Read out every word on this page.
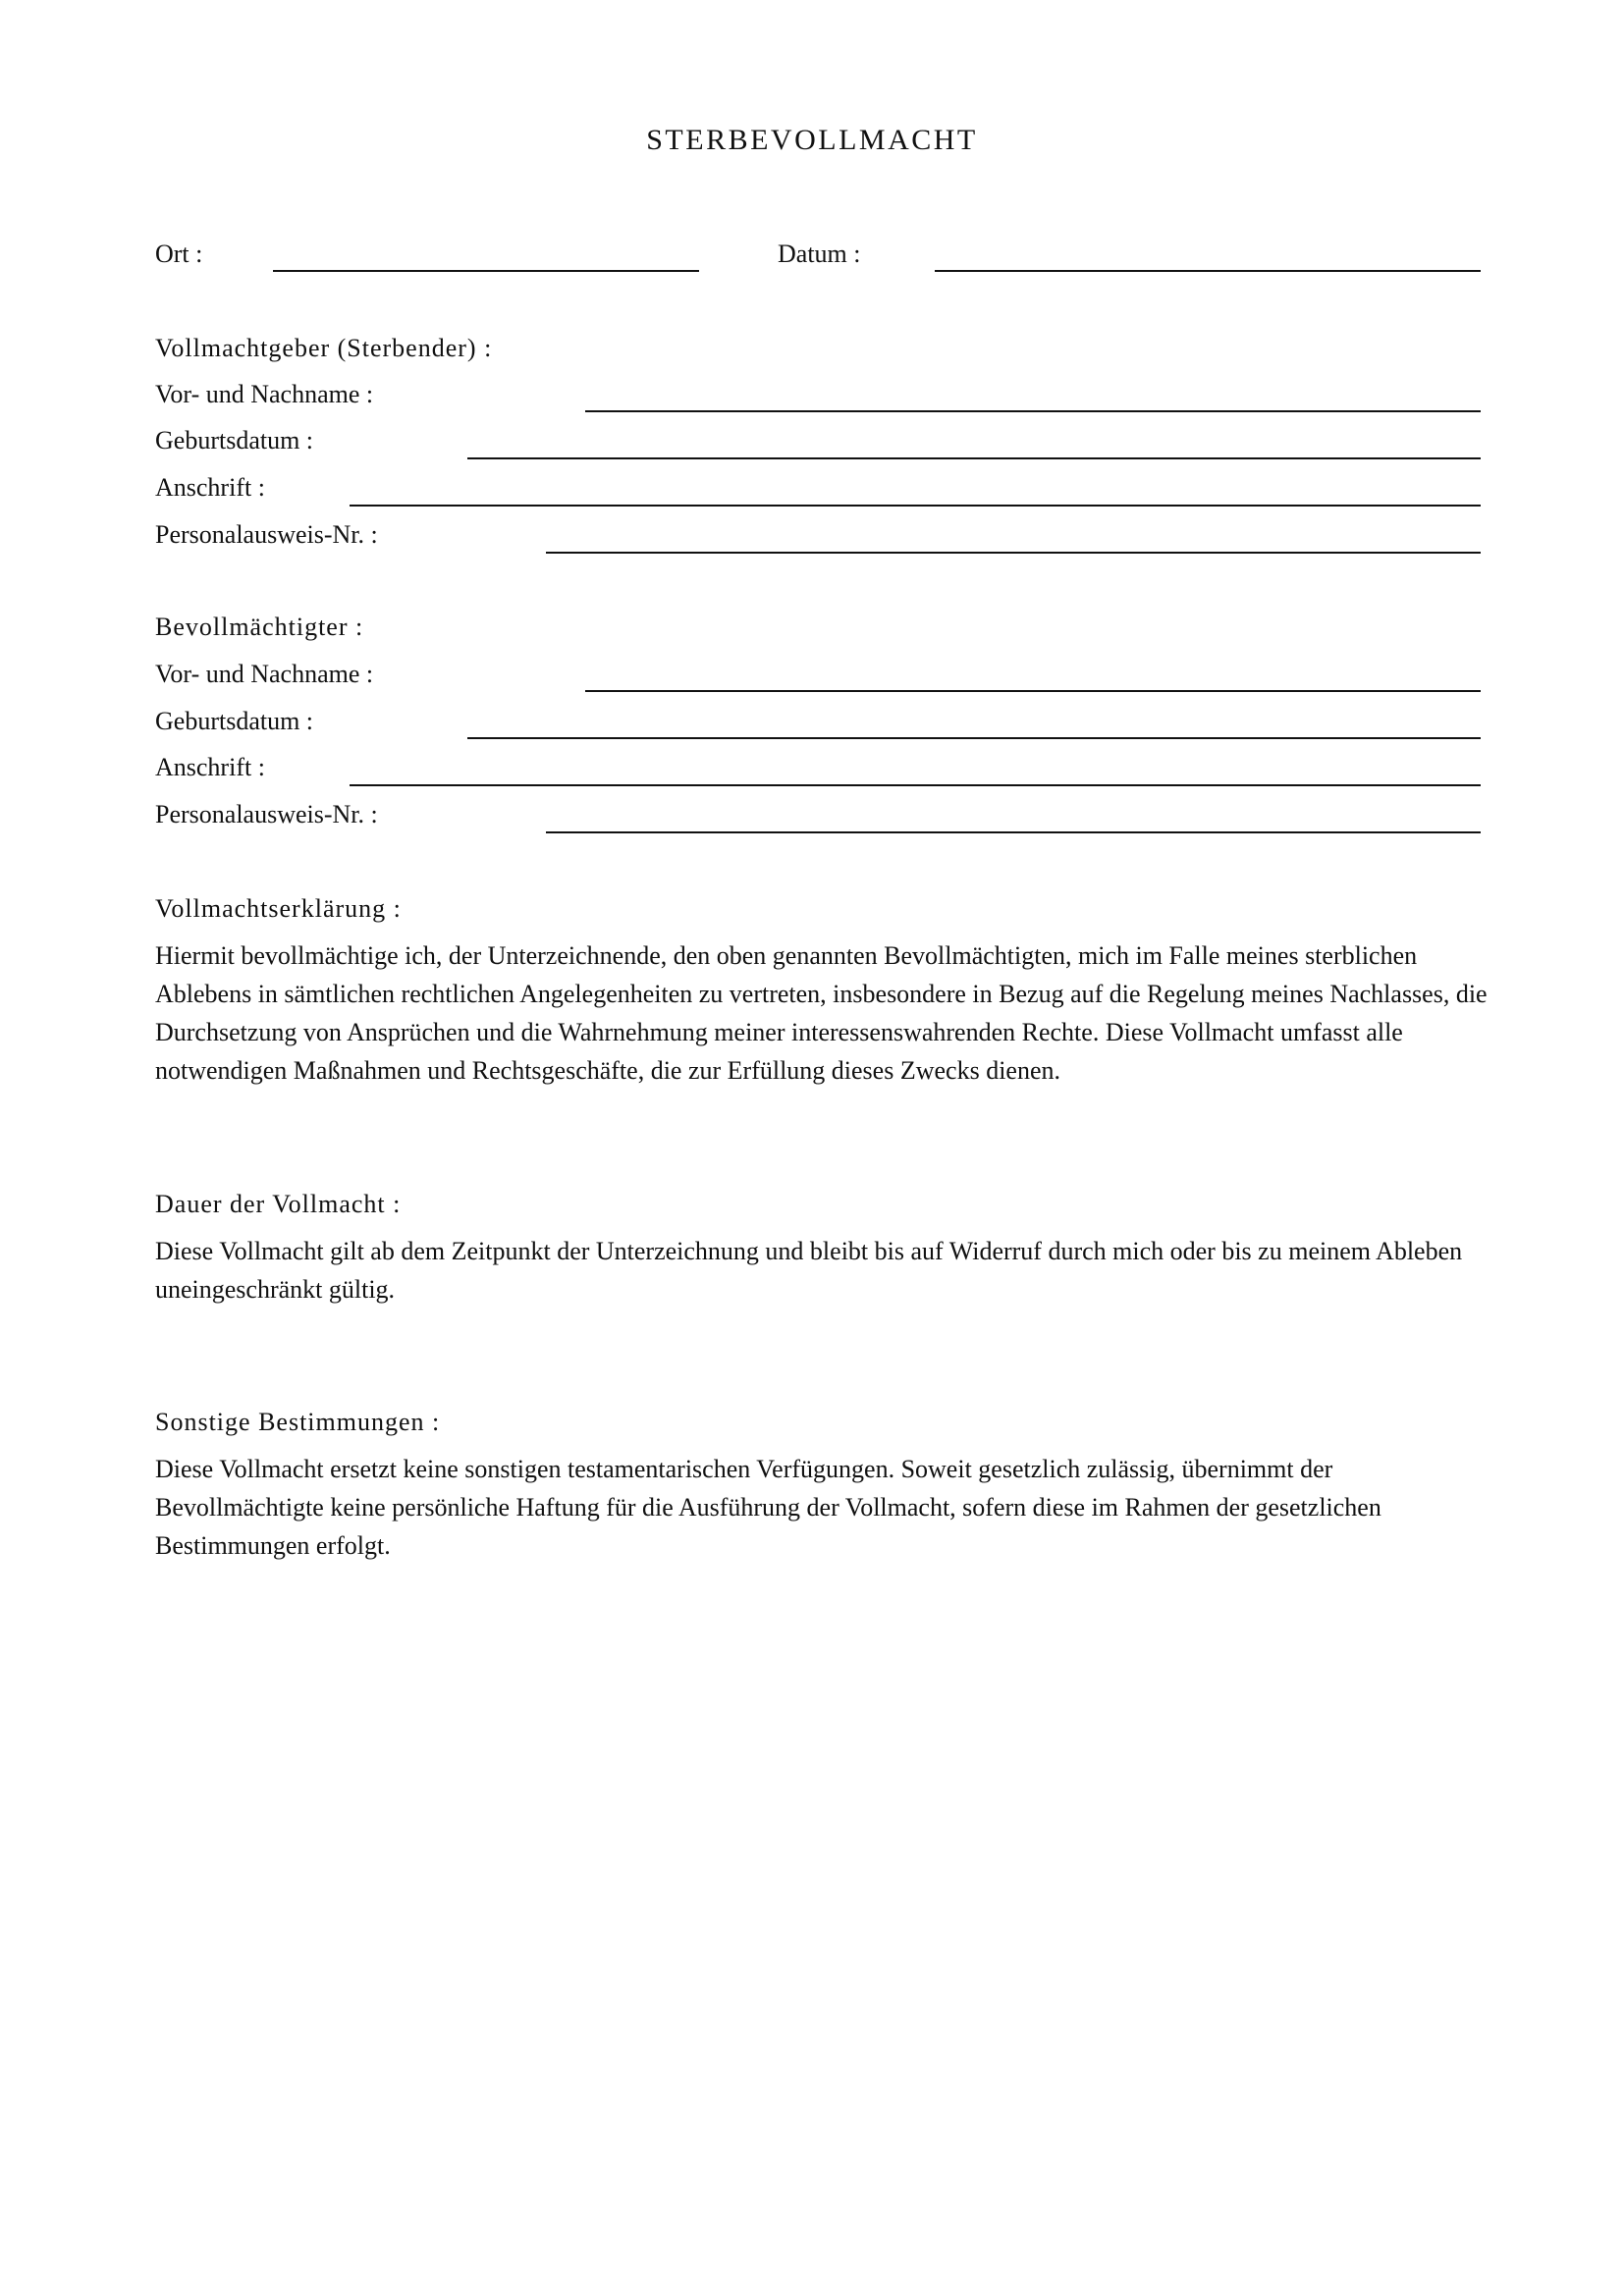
STERBEVOLLMACHT
Ort :	Datum :
Vollmachtgeber (Sterbender) :
Vor- und Nachname :
Geburtsdatum :
Anschrift :
Personalausweis-Nr. :
Bevollmächtigter :
Vor- und Nachname :
Geburtsdatum :
Anschrift :
Personalausweis-Nr. :
Vollmachtserklärung :
Hiermit bevollmächtige ich, der Unterzeichnende, den oben genannten Bevollmächtigten, mich im Falle meines sterblichen Ablebens in sämtlichen rechtlichen Angelegenheiten zu vertreten, insbesondere in Bezug auf die Regelung meines Nachlasses, die Durchsetzung von Ansprüchen und die Wahrnehmung meiner interessenswahrenden Rechte. Diese Vollmacht umfasst alle notwendigen Maßnahmen und Rechtsgeschäfte, die zur Erfüllung dieses Zwecks dienen.
Dauer der Vollmacht :
Diese Vollmacht gilt ab dem Zeitpunkt der Unterzeichnung und bleibt bis auf Widerruf durch mich oder bis zu meinem Ableben uneingeschränkt gültig.
Sonstige Bestimmungen :
Diese Vollmacht ersetzt keine sonstigen testamentarischen Verfügungen. Soweit gesetzlich zulässig, übernimmt der Bevollmächtigte keine persönliche Haftung für die Ausführung der Vollmacht, sofern diese im Rahmen der gesetzlichen Bestimmungen erfolgt.
